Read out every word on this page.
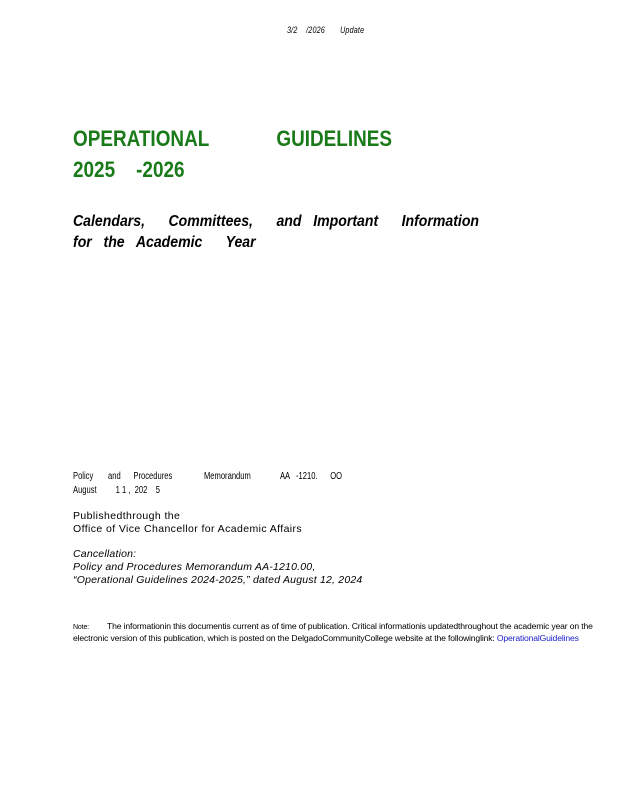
3/2    /2026       Update
OPERATIONAL	GUIDELINES
2025    -2026
Calendars,      Committees,      and   Important      Information
for   the   Academic      Year
Policy       and      Procedures               Memorandum              AA   -1210.      OO
August         1 1 ,  202    5
Publishedthrough the
Office of Vice Chancellor for Academic Affairs
Cancellation:
Policy and Procedures Memorandum AA-1210.00,
“Operational Guidelines 2024-2025,” dated August 12, 2024
Note: The informationin this documentis current as of time of publication. Critical informationis updatedthroughout the academic year on the electronic version of this publication, which is posted on the DelgadoCommunityCollege website at the followinglink: OperationalGuidelines
